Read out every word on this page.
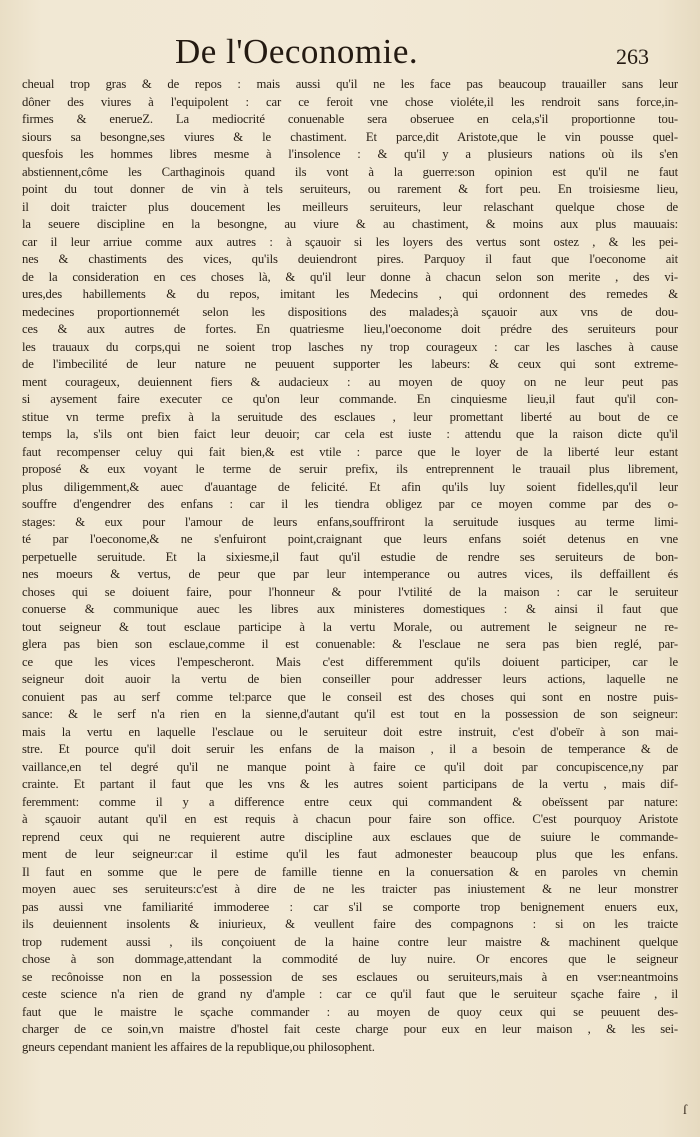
De l'Oeconomie.	263
cheual trop gras & de repos : mais aussi qu'il ne les face pas beaucoup trauailler sans leur
dôner des viures à l'equipolent : car ce feroit vne chose violéte,il les rendroit sans force,in-
firmes & enerueZ. La mediocrité conuenable sera obseruee en cela,s'il proportionne tou-
siours sa besongne,ses viures & le chastiment. Et parce,dit Aristote,que le vin pousse quel-
quesfois les hommes libres mesme à l'insolence : & qu'il y a plusieurs nations où ils s'en
abstiennent,côme les Carthaginois quand ils vont à la guerre:son opinion est qu'il ne faut
point du tout donner de vin à tels seruiteurs, ou rarement & fort peu. En troisiesme lieu,
il doit traicter plus doucement les meilleurs seruiteurs, leur relaschant quelque chose de
la seuere discipline en la besongne, au viure & au chastiment, & moins aux plus mauuais:
car il leur arriue comme aux autres : à sçauoir si les loyers des vertus sont ostez , & les pei-
nes & chastiments des vices, qu'ils deuiendront pires. Parquoy il faut que l'oeconome ait
de la consideration en ces choses là, & qu'il leur donne à chacun selon son merite , des vi-
ures,des habillements & du repos, imitant les Medecins , qui ordonnent des remedes &
medecines proportionnemét selon les dispositions des malades;à sçauoir aux vns de dou-
ces & aux autres de fortes. En quatriesme lieu,l'oeconome doit prédre des seruiteurs pour
les trauaux du corps,qui ne soient trop lasches ny trop courageux : car les lasches à cause
de l'imbecilité de leur nature ne peuuent supporter les labeurs: & ceux qui sont extreme-
ment courageux, deuiennent fiers & audacieux : au moyen de quoy on ne leur peut pas
si aysement faire executer ce qu'on leur commande. En cinquiesme lieu,il faut qu'il con-
stitue vn terme prefix à la seruitude des esclaues , leur promettant liberté au bout de ce
temps la, s'ils ont bien faict leur deuoir; car cela est iuste : attendu que la raison dicte qu'il
faut recompenser celuy qui fait bien,& est vtile : parce que le loyer de la liberté leur estant
proposé & eux voyant le terme de seruir prefix, ils entreprennent le trauail plus librement,
plus diligemment,& auec d'auantage de felicité. Et afin qu'ils luy soient fidelles,qu'il leur
souffre d'engendrer des enfans : car il les tiendra obligez par ce moyen comme par des o-
stages: & eux pour l'amour de leurs enfans,souffriront la seruitude iusques au terme limi-
té par l'oeconome,& ne s'enfuiront point,craignant que leurs enfans soiét detenus en vne
perpetuelle seruitude. Et la sixiesme,il faut qu'il estudie de rendre ses seruiteurs de bon-
nes moeurs & vertus, de peur que par leur intemperance ou autres vices, ils deffaillent és
choses qui se doiuent faire, pour l'honneur & pour l'vtilité de la maison : car le seruiteur
conuerse & communique auec les libres aux ministeres domestiques : & ainsi il faut que
tout seigneur & tout esclaue participe à la vertu Morale, ou autrement le seigneur ne re-
glera pas bien son esclaue,comme il est conuenable: & l'esclaue ne sera pas bien reglé, par-
ce que les vices l'empescheront. Mais c'est differemment qu'ils doiuent participer, car le
seigneur doit auoir la vertu de bien conseiller pour addresser leurs actions, laquelle ne
conuient pas au serf comme tel:parce que le conseil est des choses qui sont en nostre puis-
sance: & le serf n'a rien en la sienne,d'autant qu'il est tout en la possession de son seigneur:
mais la vertu en laquelle l'esclaue ou le seruiteur doit estre instruit, c'est d'obeïr à son mai-
stre. Et pource qu'il doit seruir les enfans de la maison , il a besoin de temperance & de
vaillance,en tel degré qu'il ne manque point à faire ce qu'il doit par concupiscence,ny par
crainte. Et partant il faut que les vns & les autres soient participans de la vertu , mais dif-
feremment: comme il y a difference entre ceux qui commandent & obeïssent par nature:
à sçauoir autant qu'il en est requis à chacun pour faire son office. C'est pourquoy Aristote
reprend ceux qui ne requierent autre discipline aux esclaues que de suiure le commande-
ment de leur seigneur:car il estime qu'il les faut admonester beaucoup plus que les enfans.
Il faut en somme que le pere de famille tienne en la conuersation & en paroles vn chemin
moyen auec ses seruiteurs:c'est à dire de ne les traicter pas iniustement & ne leur monstrer
pas aussi vne familiarité immoderee : car s'il se comporte trop benignement enuers eux,
ils deuiennent insolents & iniurieux, & veullent faire des compagnons : si on les traicte
trop rudement aussi , ils conçoiuent de la haine contre leur maistre & machinent quelque
chose à son dommage,attendant la commodité de luy nuire. Or encores que le seigneur
se recônoisse non en la possession de ses esclaues ou seruiteurs,mais à en vser:neantmoins
ceste science n'a rien de grand ny d'ample : car ce qu'il faut que le seruiteur sçache faire , il
faut que le maistre le sçache commander : au moyen de quoy ceux qui se peuuent des-
charger de ce soin,vn maistre d'hostel fait ceste charge pour eux en leur maison , & les sei-
gneurs cependant manient les affaires de la republique,ou philosophent.
ſ
